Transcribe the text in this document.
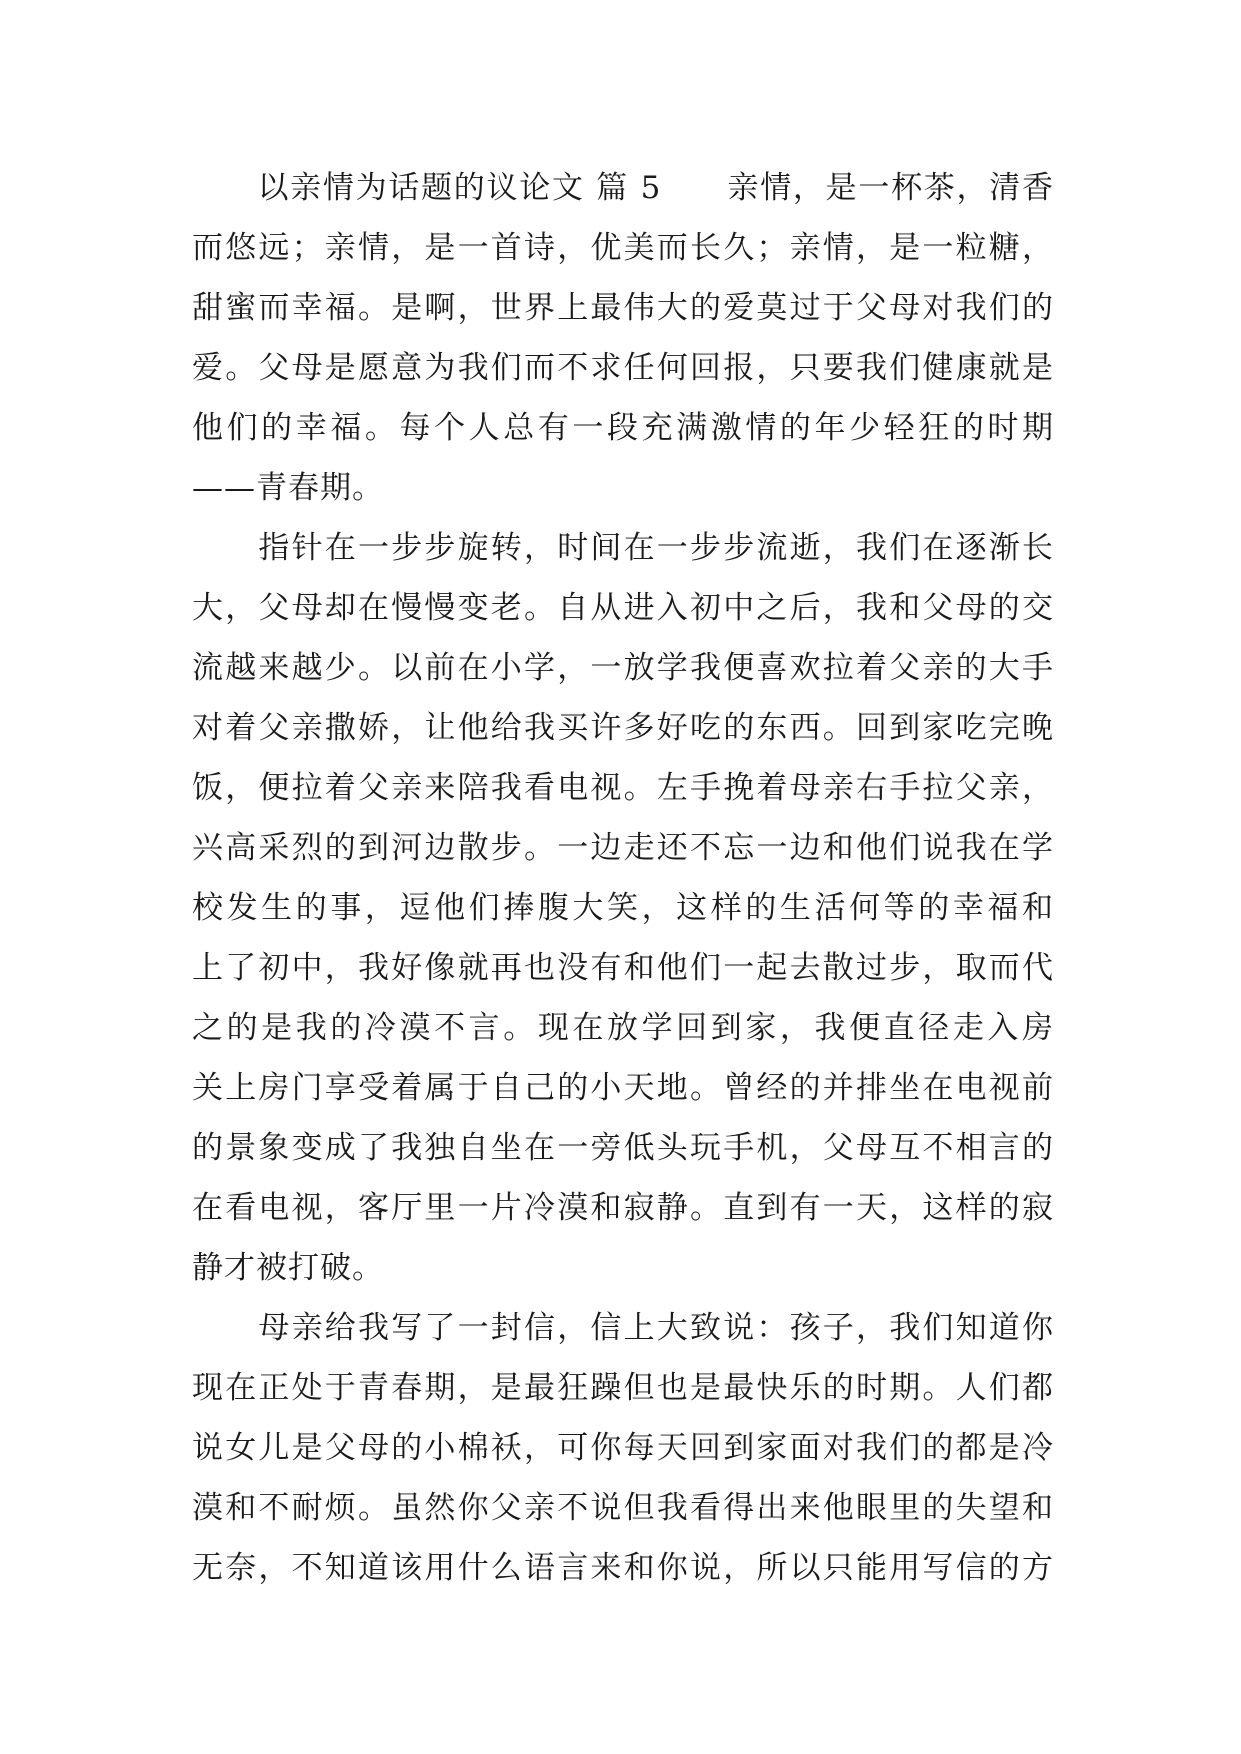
　　以亲情为话题的议论文 篇 5　　亲情，是一杯茶，清香
而悠远；亲情，是一首诗，优美而长久；亲情，是一粒糖，
甜蜜而幸福。是啊，世界上最伟大的爱莫过于父母对我们的
爱。父母是愿意为我们而不求任何回报，只要我们健康就是
他们的幸福。每个人总有一段充满激情的年少轻狂的时期
——青春期。
　　指针在一步步旋转，时间在一步步流逝，我们在逐渐长
大，父母却在慢慢变老。自从进入初中之后，我和父母的交
流越来越少。以前在小学，一放学我便喜欢拉着父亲的大手
对着父亲撒娇，让他给我买许多好吃的东西。回到家吃完晚
饭，便拉着父亲来陪我看电视。左手挽着母亲右手拉父亲，
兴高采烈的到河边散步。一边走还不忘一边和他们说我在学
校发生的事，逗他们捧腹大笑，这样的生活何等的幸福和
上了初中，我好像就再也没有和他们一起去散过步，取而代
之的是我的冷漠不言。现在放学回到家，我便直径走入房
关上房门享受着属于自己的小天地。曾经的并排坐在电视前
的景象变成了我独自坐在一旁低头玩手机，父母互不相言的
在看电视，客厅里一片冷漠和寂静。直到有一天，这样的寂
静才被打破。
　　母亲给我写了一封信，信上大致说：孩子，我们知道你
现在正处于青春期，是最狂躁但也是最快乐的时期。人们都
说女儿是父母的小棉袄，可你每天回到家面对我们的都是冷
漠和不耐烦。虽然你父亲不说但我看得出来他眼里的失望和
无奈，不知道该用什么语言来和你说，所以只能用写信的方
